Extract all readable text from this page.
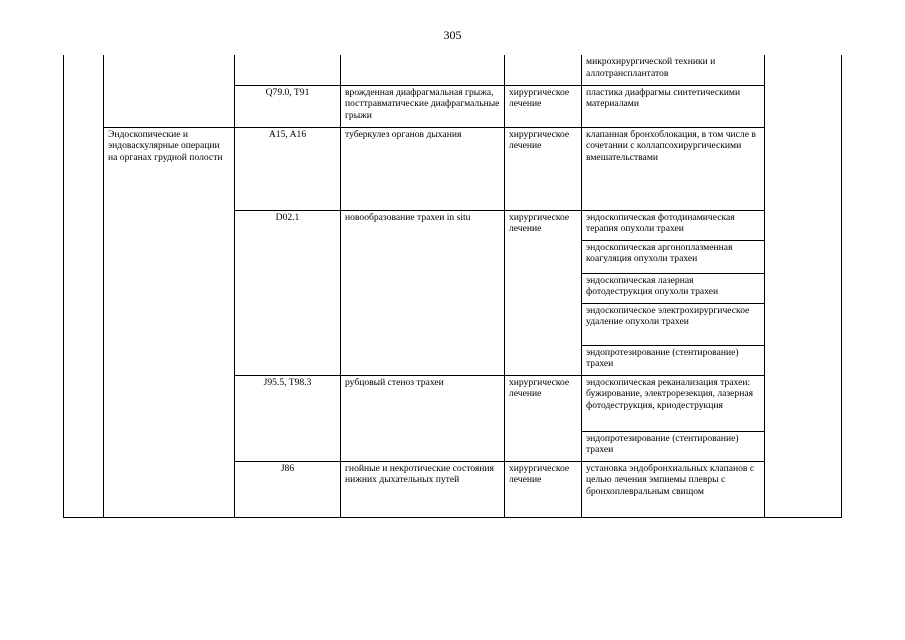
305
					микрохирургической техники и аллотрансплантатов	
		Q79.0, T91	врожденная диафрагмальная грыжа, посттравматические диафрагмальные грыжи	хирургическое лечение	пластика диафрагмы синтетическими материалами	
	Эндоскопические и эндоваскулярные операции на органах грудной полости	A15, A16	туберкулез органов дыхания	хирургическое лечение	клапанная бронхоблокация, в том числе в сочетании с коллапсохирургическими вмешательствами	
		D02.1	новообразование трахеи in situ	хирургическое лечение	эндоскопическая фотодинамическая терапия опухоли трахеи	
					эндоскопическая аргоноплазменная коагуляция опухоли трахеи	
					эндоскопическая лазерная фотодеструкция опухоли трахеи	
					эндоскопическое электрохирургическое удаление опухоли трахеи	
					эндопротезирование (стентирование) трахеи	
		J95.5, T98.3	рубцовый стеноз трахеи	хирургическое лечение	эндоскопическая реканализация трахеи: бужирование, электрорезекция, лазерная фотодеструкция, криодеструкция	
					эндопротезирование (стентирование) трахеи	
		J86	гнойные и некротические состояния нижних дыхательных путей	хирургическое лечение	установка эндобронхиальных клапанов с целью лечения эмпиемы плевры с бронхоплевральным свищом	
